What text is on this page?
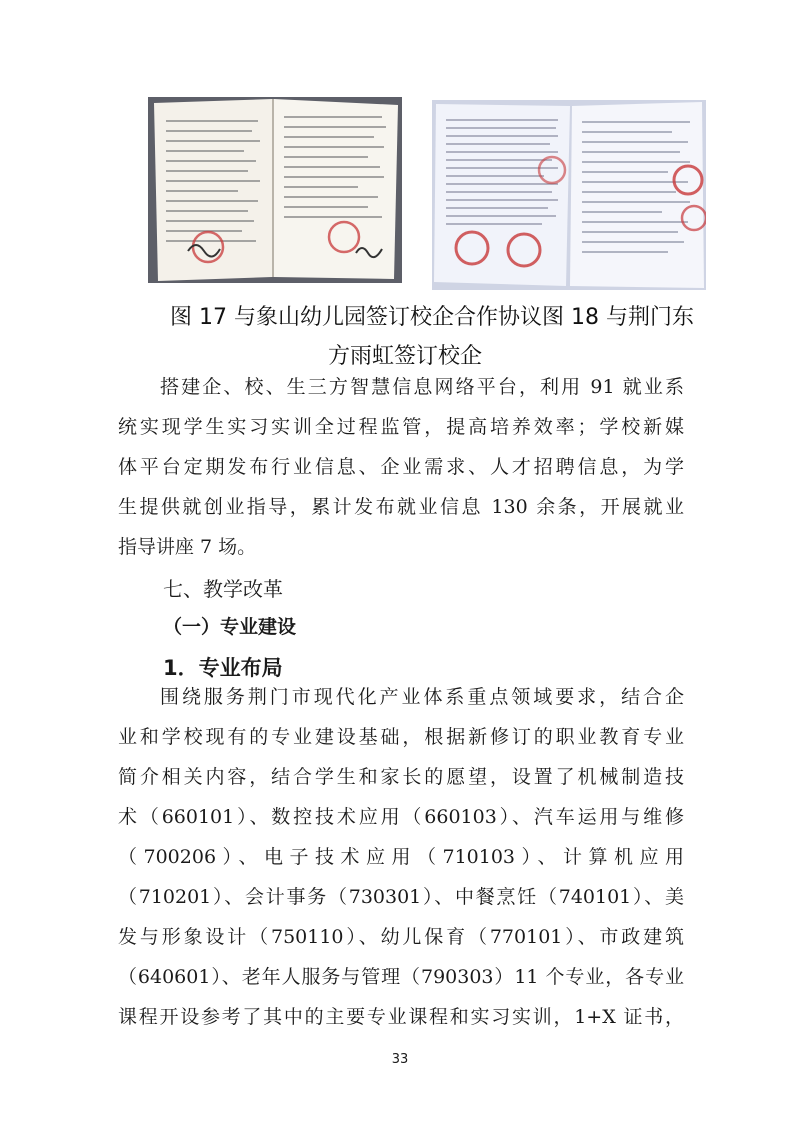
图 17 与象山幼儿园签订校企合作协议图 18 与荆门东
方雨虹签订校企
搭建企、校、生三方智慧信息网络平台，利用 91 就业系
统实现学生实习实训全过程监管，提高培养效率；学校新媒
体平台定期发布行业信息、企业需求、人才招聘信息，为学
生提供就创业指导，累计发布就业信息 130 余条，开展就业
指导讲座 7 场。
七、教学改革
（一）专业建设
1．专业布局
围绕服务荆门市现代化产业体系重点领域要求，结合企
业和学校现有的专业建设基础，根据新修订的职业教育专业
简介相关内容，结合学生和家长的愿望，设置了机械制造技
术（660101）、数控技术应用（660103）、汽车运用与维修
（700206）、电子技术应用（710103）、计算机应用
（710201）、会计事务（730301）、中餐烹饪（740101）、美
发与形象设计（750110）、幼儿保育（770101）、市政建筑
（640601）、老年人服务与管理（790303）11 个专业，各专业
课程开设参考了其中的主要专业课程和实习实训，1+X 证书，
33
